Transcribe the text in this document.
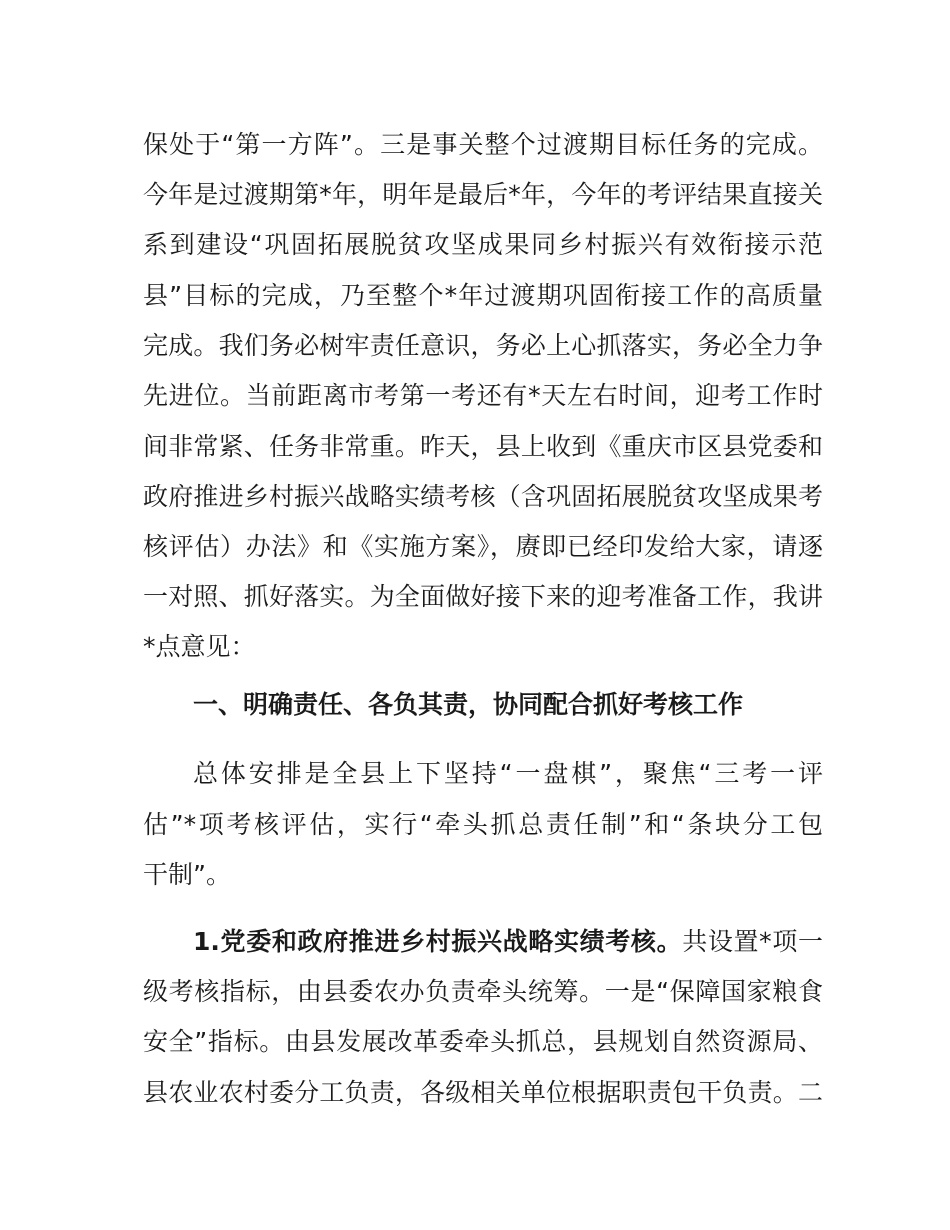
保处于“第一方阵”。三是事关整个过渡期目标任务的完成。
今年是过渡期第*年，明年是最后*年，今年的考评结果直接关
系到建设“巩固拓展脱贫攻坚成果同乡村振兴有效衔接示范
县”目标的完成，乃至整个*年过渡期巩固衔接工作的高质量
完成。我们务必树牢责任意识，务必上心抓落实，务必全力争
先进位。当前距离市考第一考还有*天左右时间，迎考工作时
间非常紧、任务非常重。昨天，县上收到《重庆市区县党委和
政府推进乡村振兴战略实绩考核（含巩固拓展脱贫攻坚成果考
核评估）办法》和《实施方案》，赓即已经印发给大家，请逐
一对照、抓好落实。为全面做好接下来的迎考准备工作，我讲
*点意见：
一、明确责任、各负其责，协同配合抓好考核工作
总体安排是全县上下坚持“一盘棋”，聚焦“三考一评
估”*项考核评估，实行“牵头抓总责任制”和“条块分工包
干制”。
1.党委和政府推进乡村振兴战略实绩考核。共设置*项一
级考核指标，由县委农办负责牵头统筹。一是“保障国家粮食
安全”指标。由县发展改革委牵头抓总，县规划自然资源局、
县农业农村委分工负责，各级相关单位根据职责包干负责。二
